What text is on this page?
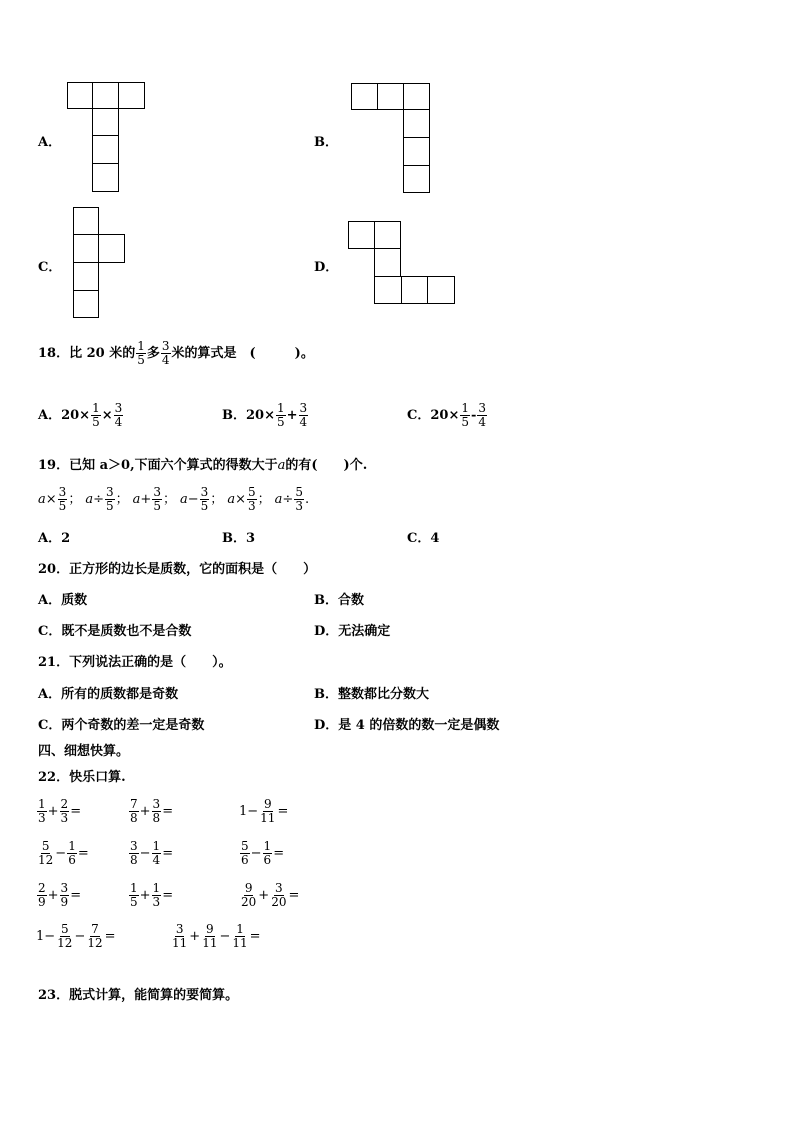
A．	B．
C．	D．
18．比 20 米的 $\frac{1}{5}$ 多 $\frac{3}{4}$ 米的算式是　(　　　)。
A．$20\times \frac{1}{5} \times \frac{3}{4}$	B．$20\times \frac{1}{5} + \frac{3}{4}$	C．$20\times \frac{1}{5} - \frac{3}{4}$
19．已知 a＞0,下面六个算式的得数大于a的有(　　)个.
$a \times \frac{3}{5}$ ； $a \div \frac{3}{5}$ ； $a + \frac{3}{5}$ ； $a - \frac{3}{5}$ ； $a \times \frac{5}{3}$ ； $a \div \frac{5}{3}$ .
A．2	B．3	C．4
20．正方形的边长是质数，它的面积是（　　）
A．质数	B．合数
C．既不是质数也不是合数	D．无法确定
21．下列说法正确的是（　　）。
A．所有的质数都是奇数	B．整数都比分数大
C．两个奇数的差一定是奇数	D．是 4 的倍数的数一定是偶数
四、细想快算。
22．快乐口算.
$\frac{1}{3} + \frac{2}{3}$ =	$\frac{7}{8} + \frac{3}{8}$ =	$1- \frac{9}{11}$ =
$\frac{5}{12} - \frac{1}{6}$ =	$\frac{3}{8} - \frac{1}{4}$ =	$\frac{5}{6} - \frac{1}{6}$ =
$\frac{2}{9} + \frac{3}{9}$ =	$\frac{1}{5} + \frac{1}{3}$ =	$\frac{9}{20} + \frac{3}{20}$ =
$1- \frac{5}{12} - \frac{7}{12}$ =	$\frac{3}{11} + \frac{9}{11} - \frac{1}{11}$ =
23．脱式计算，能简算的要简算。
